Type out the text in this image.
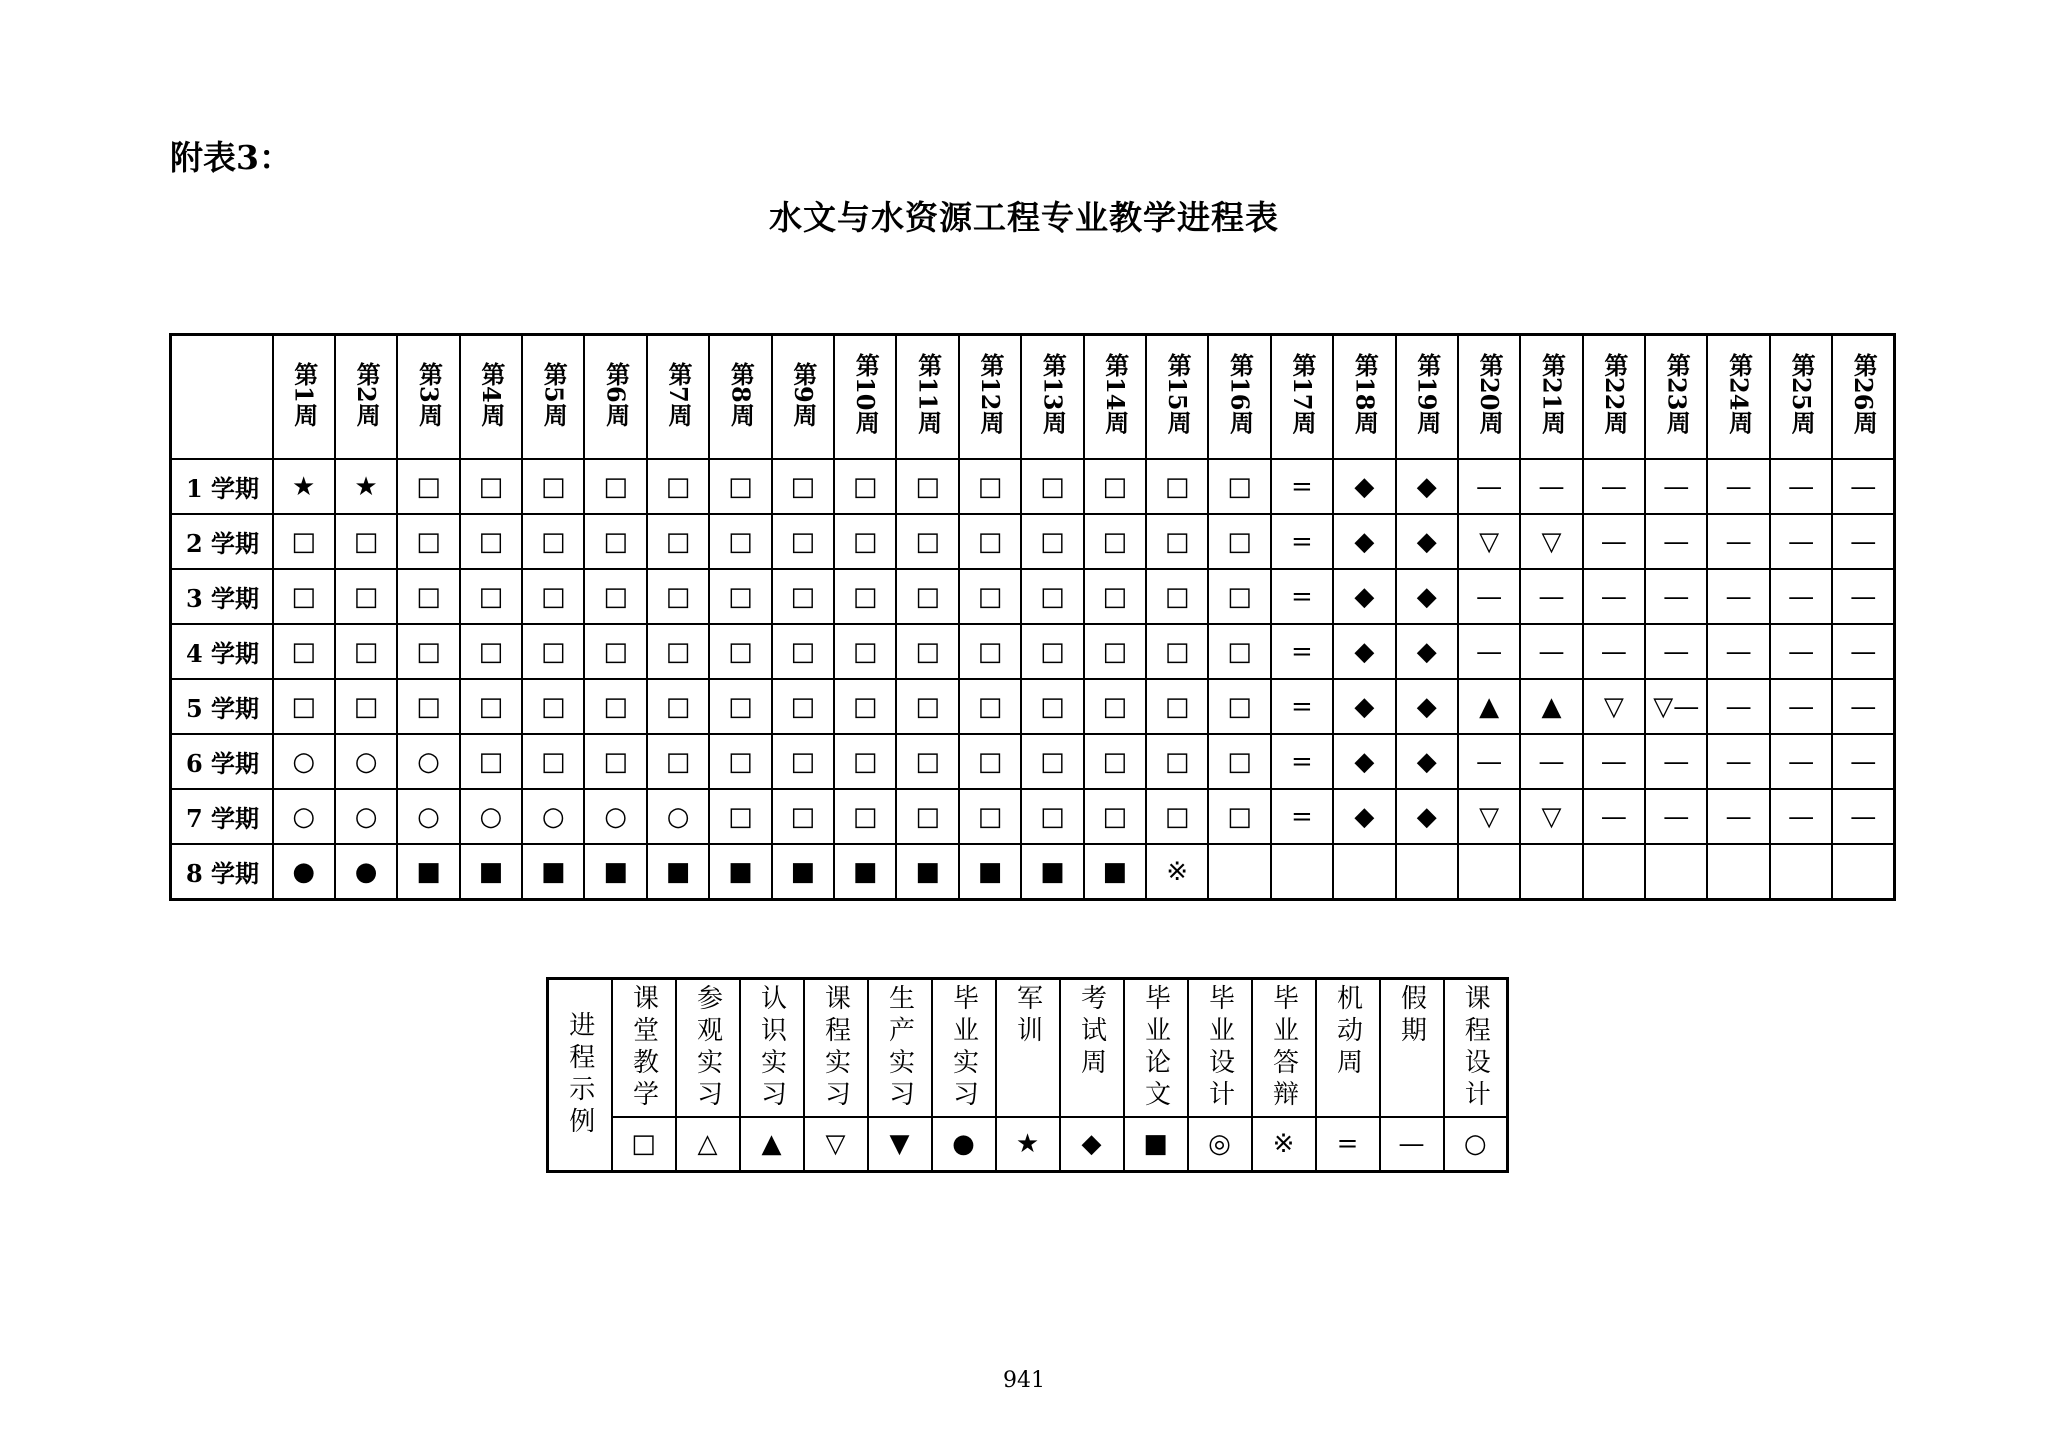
附表3：
水文与水资源工程专业教学进程表
	第1周	第2周	第3周	第4周	第5周	第6周	第7周	第8周	第9周	第10周	第11周	第12周	第13周	第14周	第15周	第16周	第17周	第18周	第19周	第20周	第21周	第22周	第23周	第24周	第25周	第26周
1 学期	★	★	□	□	□	□	□	□	□	□	□	□	□	□	□	□	=	◆	◆	—	—	—	—	—	—	—
2 学期	□	□	□	□	□	□	□	□	□	□	□	□	□	□	□	□	=	◆	◆	▽	▽	—	—	—	—	—
3 学期	□	□	□	□	□	□	□	□	□	□	□	□	□	□	□	□	=	◆	◆	—	—	—	—	—	—	—
4 学期	□	□	□	□	□	□	□	□	□	□	□	□	□	□	□	□	=	◆	◆	—	—	—	—	—	—	—
5 学期	□	□	□	□	□	□	□	□	□	□	□	□	□	□	□	□	=	◆	◆	▲	▲	▽	▽—	—	—	—
6 学期	○	○	○	□	□	□	□	□	□	□	□	□	□	□	□	□	=	◆	◆	—	—	—	—	—	—	—
7 学期	○	○	○	○	○	○	○	□	□	□	□	□	□	□	□	□	=	◆	◆	▽	▽	—	—	—	—	—
8 学期	●	●	■	■	■	■	■	■	■	■	■	■	■	■	※											
进程示例	课堂教学	参观实习	认识实习	课程实习	生产实习	毕业实习	军训	考试周	毕业论文	毕业设计	毕业答辩	机动周	假期	课程设计
	□	△	▲	▽	▼	●	★	◆	■	◎	※	=	—	○
941
